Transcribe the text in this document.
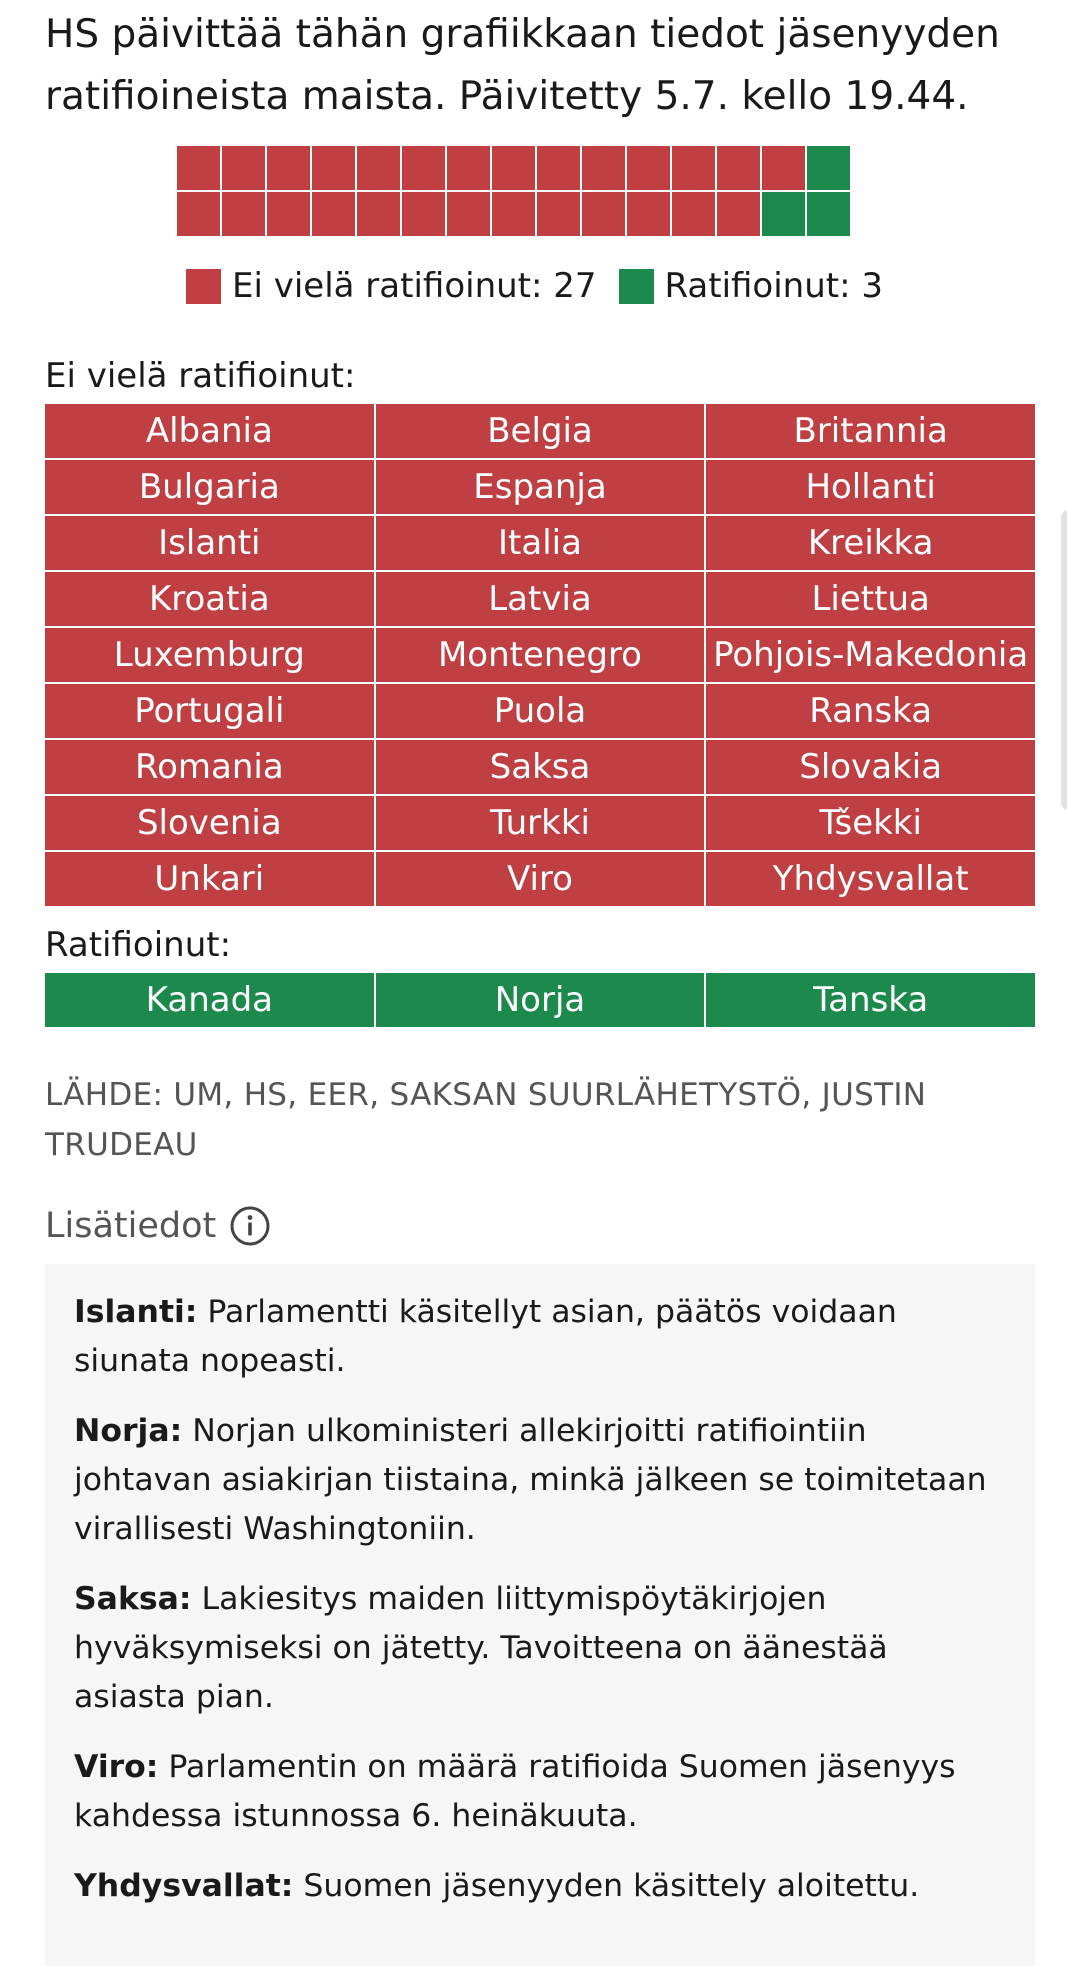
HS päivittää tähän grafiikkaan tiedot jäsenyyden ratifioineista maista. Päivitetty 5.7. kello 19.44.

Ei vielä ratifioinut: 27 Ratifioinut: 3

Ei vielä ratifioinut:

Albania	Belgia	Britannia
Bulgaria	Espanja	Hollanti
Islanti	Italia	Kreikka
Kroatia	Latvia	Liettua
Luxemburg	Montenegro	Pohjois-Makedonia
Portugali	Puola	Ranska
Romania	Saksa	Slovakia
Slovenia	Turkki	Tšekki
Unkari	Viro	Yhdysvallat

Ratifioinut:

Kanada	Norja	Tanska

LÄHDE: UM, HS, EER, SAKSAN SUURLÄHETYSTÖ, JUSTIN TRUDEAU

Lisätiedot

Islanti: Parlamentti käsitellyt asian, päätös voidaan siunata nopeasti.

Norja: Norjan ulkoministeri allekirjoitti ratifiointiin johtavan asiakirjan tiistaina, minkä jälkeen se toimitetaan virallisesti Washingtoniin.

Saksa: Lakiesitys maiden liittymispöytäkirjojen hyväksymiseksi on jätetty. Tavoitteena on äänestää asiasta pian.

Viro: Parlamentin on määrä ratifioida Suomen jäsenyys kahdessa istunnossa 6. heinäkuuta.

Yhdysvallat: Suomen jäsenyyden käsittely aloitettu.
